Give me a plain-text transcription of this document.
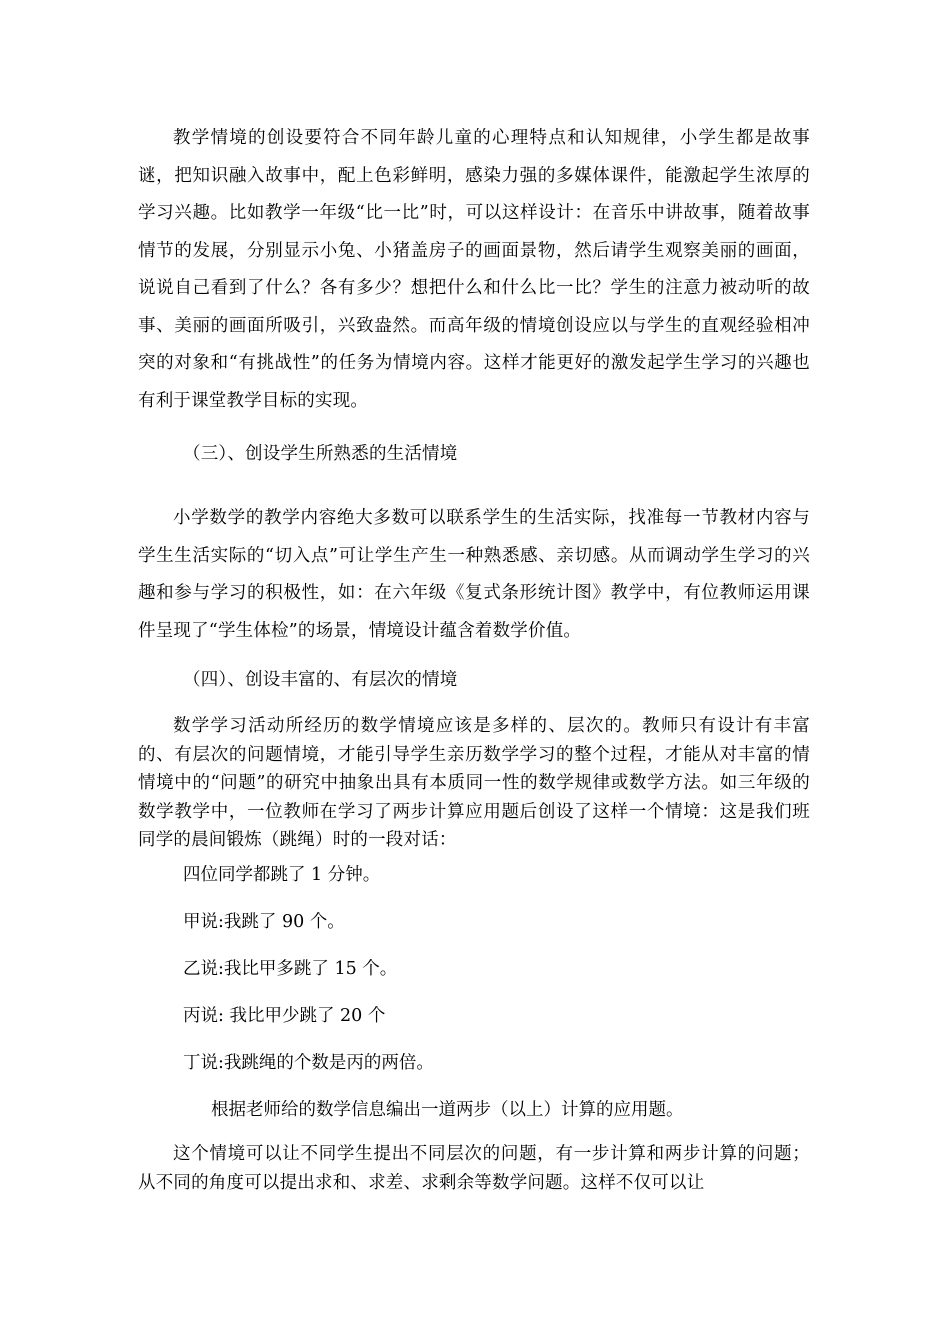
教学情境的创设要符合不同年龄儿童的心理特点和认知规律，小学生都是故事谜，把知识融入故事中，配上色彩鲜明，感染力强的多媒体课件，能激起学生浓厚的学习兴趣。比如教学一年级“比一比”时，可以这样设计：在音乐中讲故事，随着故事情节的发展，分别显示小兔、小猪盖房子的画面景物，然后请学生观察美丽的画面，说说自己看到了什么？各有多少？想把什么和什么比一比？学生的注意力被动听的故事、美丽的画面所吸引，兴致盎然。而高年级的情境创设应以与学生的直观经验相冲突的对象和“有挑战性”的任务为情境内容。这样才能更好的激发起学生学习的兴趣也有利于课堂教学目标的实现。

（三）、创设学生所熟悉的生活情境

小学数学的教学内容绝大多数可以联系学生的生活实际，找准每一节教材内容与学生生活实际的“切入点”可让学生产生一种熟悉感、亲切感。从而调动学生学习的兴趣和参与学习的积极性，如：在六年级《复式条形统计图》教学中，有位教师运用课件呈现了“学生体检”的场景，情境设计蕴含着数学价值。

（四）、创设丰富的、有层次的情境

数学学习活动所经历的数学情境应该是多样的、层次的。教师只有设计有丰富的、有层次的问题情境，才能引导学生亲历数学学习的整个过程，才能从对丰富的情情境中的“问题”的研究中抽象出具有本质同一性的数学规律或数学方法。如三年级的数学教学中，一位教师在学习了两步计算应用题后创设了这样一个情境：这是我们班同学的晨间锻炼（跳绳）时的一段对话：

四位同学都跳了 1 分钟。

甲说:我跳了 90 个。

乙说:我比甲多跳了 15 个。

丙说: 我比甲少跳了 20 个

丁说:我跳绳的个数是丙的两倍。

根据老师给的数学信息编出一道两步（以上）计算的应用题。

这个情境可以让不同学生提出不同层次的问题，有一步计算和两步计算的问题；从不同的角度可以提出求和、求差、求剩余等数学问题。这样不仅可以让
